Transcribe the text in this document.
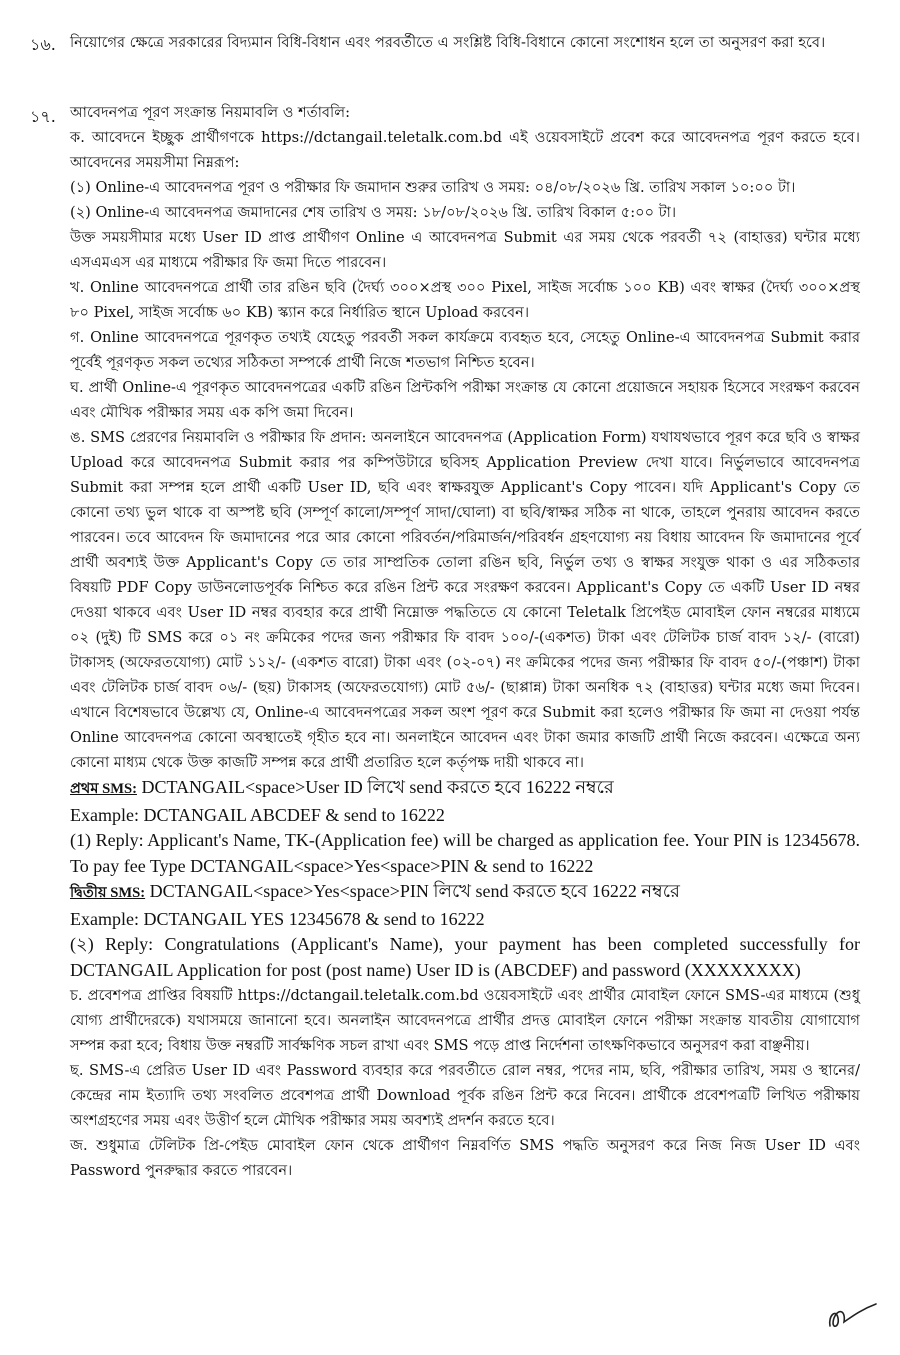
১৬. নিয়োগের ক্ষেত্রে সরকারের বিদ্যমান বিধি-বিধান এবং পরবর্তীতে এ সংশ্লিষ্ট বিধি-বিধানে কোনো সংশোধন হলে তা অনুসরণ করা হবে।

১৭. আবেদনপত্র পূরণ সংক্রান্ত নিয়মাবলি ও শর্তাবলি:

ক. আবেদনে ইচ্ছুক প্রার্থীগণকে https://dctangail.teletalk.com.bd এই ওয়েবসাইটে প্রবেশ করে আবেদনপত্র পূরণ করতে হবে। আবেদনের সময়সীমা নিম্নরূপ:

(১) Online-এ আবেদনপত্র পূরণ ও পরীক্ষার ফি জমাদান শুরুর তারিখ ও সময়: ০৪/০৮/২০২৬ খ্রি. তারিখ সকাল ১০:০০ টা।

(২) Online-এ আবেদনপত্র জমাদানের শেষ তারিখ ও সময়: ১৮/০৮/২০২৬ খ্রি. তারিখ বিকাল ৫:০০ টা।

উক্ত সময়সীমার মধ্যে User ID প্রাপ্ত প্রার্থীগণ Online এ আবেদনপত্র Submit এর সময় থেকে পরবর্তী ৭২ (বাহাত্তর) ঘন্টার মধ্যে এসএমএস এর মাধ্যমে পরীক্ষার ফি জমা দিতে পারবেন।

খ. Online আবেদনপত্রে প্রার্থী তার রঙিন ছবি (দৈর্ঘ্য ৩০০×প্রস্থ ৩০০ Pixel, সাইজ সর্বোচ্চ ১০০ KB) এবং স্বাক্ষর (দৈর্ঘ্য ৩০০×প্রস্থ ৮০ Pixel, সাইজ সর্বোচ্চ ৬০ KB) স্ক্যান করে নির্ধারিত স্থানে Upload করবেন।

গ. Online আবেদনপত্রে পূরণকৃত তথ্যই যেহেতু পরবর্তী সকল কার্যক্রমে ব্যবহৃত হবে, সেহেতু Online-এ আবেদনপত্র Submit করার পূর্বেই পূরণকৃত সকল তথ্যের সঠিকতা সম্পর্কে প্রার্থী নিজে শতভাগ নিশ্চিত হবেন।

ঘ. প্রার্থী Online-এ পূরণকৃত আবেদনপত্রের একটি রঙিন প্রিন্টকপি পরীক্ষা সংক্রান্ত যে কোনো প্রয়োজনে সহায়ক হিসেবে সংরক্ষণ করবেন এবং মৌখিক পরীক্ষার সময় এক কপি জমা দিবেন।

ঙ. SMS প্রেরণের নিয়মাবলি ও পরীক্ষার ফি প্রদান: অনলাইনে আবেদনপত্র (Application Form) যথাযথভাবে পূরণ করে ছবি ও স্বাক্ষর Upload করে আবেদনপত্র Submit করার পর কম্পিউটারে ছবিসহ Application Preview দেখা যাবে। নির্ভুলভাবে আবেদনপত্র Submit করা সম্পন্ন হলে প্রার্থী একটি User ID, ছবি এবং স্বাক্ষরযুক্ত Applicant's Copy পাবেন। যদি Applicant's Copy তে কোনো তথ্য ভুল থাকে বা অস্পষ্ট ছবি (সম্পূর্ণ কালো/সম্পূর্ণ সাদা/ঘোলা) বা ছবি/স্বাক্ষর সঠিক না থাকে, তাহলে পুনরায় আবেদন করতে পারবেন। তবে আবেদন ফি জমাদানের পরে আর কোনো পরিবর্তন/পরিমার্জন/পরিবর্ধন গ্রহণযোগ্য নয় বিধায় আবেদন ফি জমাদানের পূর্বে প্রার্থী অবশ্যই উক্ত Applicant's Copy তে তার সাম্প্রতিক তোলা রঙিন ছবি, নির্ভুল তথ্য ও স্বাক্ষর সংযুক্ত থাকা ও এর সঠিকতার বিষয়টি PDF Copy ডাউনলোডপূর্বক নিশ্চিত করে রঙিন প্রিন্ট করে সংরক্ষণ করবেন। Applicant's Copy তে একটি User ID নম্বর দেওয়া থাকবে এবং User ID নম্বর ব্যবহার করে প্রার্থী নিম্নোক্ত পদ্ধতিতে যে কোনো Teletalk প্রিপেইড মোবাইল ফোন নম্বরের মাধ্যমে ০২ (দুই) টি SMS করে ০১ নং ক্রমিকের পদের জন্য পরীক্ষার ফি বাবদ ১০০/-(একশত) টাকা এবং টেলিটক চার্জ বাবদ ১২/- (বারো) টাকাসহ (অফেরতযোগ্য) মোট ১১২/- (একশত বারো) টাকা এবং (০২-০৭) নং ক্রমিকের পদের জন্য পরীক্ষার ফি বাবদ ৫০/-(পঞ্চাশ) টাকা এবং টেলিটক চার্জ বাবদ ০৬/- (ছয়) টাকাসহ (অফেরতযোগ্য) মোট ৫৬/- (ছাপ্পান্ন) টাকা অনধিক ৭২ (বাহাত্তর) ঘন্টার মধ্যে জমা দিবেন। এখানে বিশেষভাবে উল্লেখ্য যে, Online-এ আবেদনপত্রের সকল অংশ পূরণ করে Submit করা হলেও পরীক্ষার ফি জমা না দেওয়া পর্যন্ত Online আবেদনপত্র কোনো অবস্থাতেই গৃহীত হবে না। অনলাইনে আবেদন এবং টাকা জমার কাজটি প্রার্থী নিজে করবেন। এক্ষেত্রে অন্য কোনো মাধ্যম থেকে উক্ত কাজটি সম্পন্ন করে প্রার্থী প্রতারিত হলে কর্তৃপক্ষ দায়ী থাকবে না।

প্রথম SMS: DCTANGAIL<space>User ID লিখে send করতে হবে 16222 নম্বরে

Example: DCTANGAIL ABCDEF & send to 16222

(1) Reply: Applicant's Name, TK-(Application fee) will be charged as application fee. Your PIN is 12345678. To pay fee Type DCTANGAIL<space>Yes<space>PIN & send to 16222

দ্বিতীয় SMS: DCTANGAIL<space>Yes<space>PIN লিখে send করতে হবে 16222 নম্বরে

Example: DCTANGAIL YES 12345678 & send to 16222

(২) Reply: Congratulations (Applicant's Name), your payment has been completed successfully for DCTANGAIL Application for post (post name) User ID is (ABCDEF) and password (XXXXXXXX)

চ. প্রবেশপত্র প্রাপ্তির বিষয়টি https://dctangail.teletalk.com.bd ওয়েবসাইটে এবং প্রার্থীর মোবাইল ফোনে SMS-এর মাধ্যমে (শুধু যোগ্য প্রার্থীদেরকে) যথাসময়ে জানানো হবে। অনলাইন আবেদনপত্রে প্রার্থীর প্রদত্ত মোবাইল ফোনে পরীক্ষা সংক্রান্ত যাবতীয় যোগাযোগ সম্পন্ন করা হবে; বিধায় উক্ত নম্বরটি সার্বক্ষণিক সচল রাখা এবং SMS পড়ে প্রাপ্ত নির্দেশনা তাৎক্ষণিকভাবে অনুসরণ করা বাঞ্ছনীয়।

ছ. SMS-এ প্রেরিত User ID এবং Password ব্যবহার করে পরবর্তীতে রোল নম্বর, পদের নাম, ছবি, পরীক্ষার তারিখ, সময় ও স্থানের/কেন্দ্রের নাম ইত্যাদি তথ্য সংবলিত প্রবেশপত্র প্রার্থী Download পূর্বক রঙিন প্রিন্ট করে নিবেন। প্রার্থীকে প্রবেশপত্রটি লিখিত পরীক্ষায় অংশগ্রহণের সময় এবং উত্তীর্ণ হলে মৌখিক পরীক্ষার সময় অবশ্যই প্রদর্শন করতে হবে।

জ. শুধুমাত্র টেলিটক প্রি-পেইড মোবাইল ফোন থেকে প্রার্থীগণ নিম্নবর্ণিত SMS পদ্ধতি অনুসরণ করে নিজ নিজ User ID এবং Password পুনরুদ্ধার করতে পারবেন।
